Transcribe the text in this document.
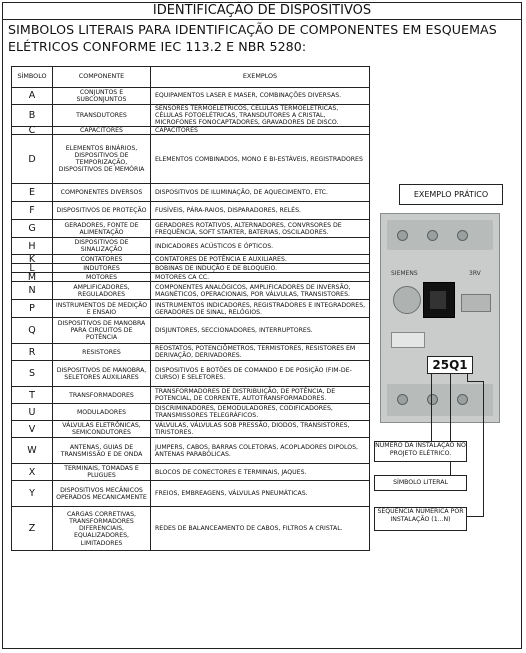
IDENTIFICAÇÃO DE DISPOSITIVOS
SIMBOLOS LITERAIS PARA IDENTIFICAÇÃO DE COMPONENTES EM ESQUEMAS
ELÉTRICOS CONFORME IEC 113.2 E NBR 5280:
SÍMBOLO	COMPONENTE	EXEMPLOS
A	CONJUNTOS E SUBCONJUNTOS	EQUIPAMENTOS LASER E MASER, COMBINAÇÕES DIVERSAS.
B	TRANSDUTORES	SENSORES TERMOELÉTRICOS, CÉLULAS TERMOELÉTRICAS, CÉLULAS FOTOELÉTRICAS, TRANSDUTORES A CRISTAL, MICROFONES FONOCAPTADORES, GRAVADORES DE DISCO.
C	CAPACITORES	CAPACITORES
D	ELEMENTOS BINÁRIOS, DISPOSITIVOS DE TEMPORIZAÇÃO, DISPOSITIVOS DE MEMÓRIA	ELEMENTOS COMBINADOS, MONO E BI-ESTÁVEIS, REGISTRADORES
E	COMPONENTES DIVERSOS	DISPOSITIVOS DE ILUMINAÇÃO, DE AQUECIMENTO, ETC.
F	DISPOSITIVOS DE PROTEÇÃO	FUSÍVEIS, PÁRA-RAIOS, DISPARADORES, RELÉS.
G	GERADORES, FONTE DE ALIMENTAÇÃO	GERADORES ROTATIVOS, ALTERNADORES, CONVRSORES DE FREQUÊNCIA, SOFT STARTER, BATERIAS, OSCILADORES.
H	DISPOSITIVOS DE SINALIZAÇÃO	INDICADORES ACÚSTICOS E ÓPTICOS.
K	CONTATORES	CONTATORES DE POTÊNCIA E AUXILIARES.
L	INDUTORES	BOBINAS DE INDUÇÃO E DE BLOQUEIO.
M	MOTORES	MOTORES CA CC.
N	AMPLIFICADORES, REGULADORES	COMPONENTES ANALÓGICOS, AMPLIFICADORES DE INVERSÃO, MAGNÉTICOS, OPERACIONAIS, POR VÁLVULAS, TRANSISTORES.
P	INSTRUMENTOS DE MEDIÇÃO E ENSAIO	INSTRUMENTOS INDICADORES, REGISTRADORES E INTEGRADORES, GERADORES DE SINAL, RELÓGIOS.
Q	DISPOSITIVOS DE MANOBRA PARA CIRCUITOS DE POTÊNCIA	DISJUNTORES, SECCIONADORES, INTERRUPTORES.
R	RESISTORES	REOSTATOS, POTENCIÔMETROS, TERMISTORES, RESISTORES EM DERIVAÇÃO, DERIVADORES.
S	DISPOSITIVOS DE MANOBRA, SELETORES AUXILIARES	DISPOSITIVOS E BOTÕES DE COMANDO E DE POSIÇÃO (FIM-DE-CURSO) E SELETORES.
T	TRANSFORMADORES	TRANSFORMADORES DE DISTRIBUIÇÃO, DE POTÊNCIA, DE POTENCIAL, DE CORRENTE, AUTOTRANSFORMADORES.
U	MODULADORES	DISCRIMINADORES, DEMODULADORES, CODIFICADORES, TRANSMISSORES TELEGRÁFICOS.
V	VÁLVULAS ELETRÔNICAS, SEMICONDUTORES	VÁLVULAS, VÁLVULAS SOB PRESSÃO, DIODOS, TRANSISTORES, TIRISTORES.
W	ANTENAS, GUIAS DE TRANSMISSÃO E DE ONDA	JUMPERS, CABOS, BARRAS COLETORAS, ACOPLADORES DIPOLOS, ANTENAS PARABÓLICAS.
X	TERMINAIS, TOMADAS E PLUGUES	BLOCOS DE CONECTORES E TERMINAIS, JAQUES.
Y	DISPOSITIVOS MECÂNICOS OPERADOS MECANICAMENTE	FREIOS, EMBREAGENS, VÁLVULAS PNEUMÁTICAS.
Z	CARGAS CORRETIVAS, TRANSFORMADORES DIFERENCIAIS, EQUALIZADORES, LIMITADORES	REDES DE BALANCEAMENTO DE CABOS, FILTROS A CRISTAL.
EXEMPLO PRÁTICO
SIEMENS	3RV
25Q1
NÚMERO DA INSTALAÇÃO NO PROJETO ELÉTRICO.
SÍMBOLO LITERAL
SEQUÊNCIA NUMÉRICA POR INSTALAÇÃO (1...N)
